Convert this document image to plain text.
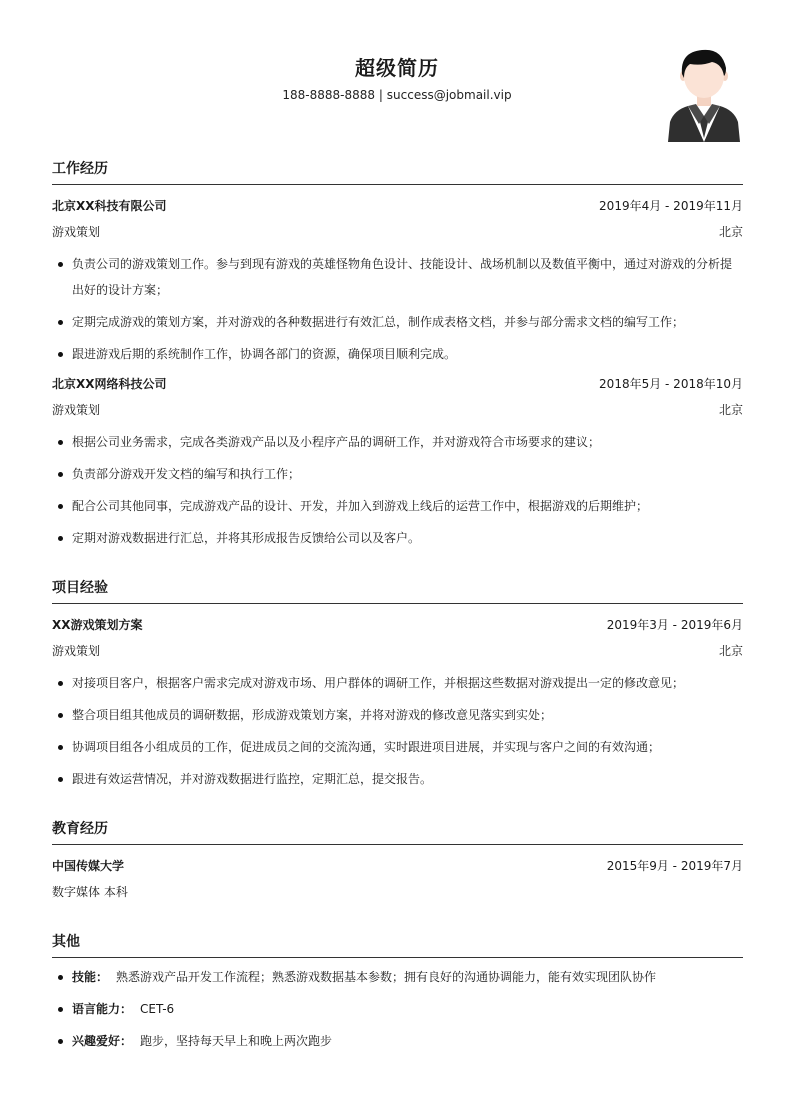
超级简历
188-8888-8888 | success@jobmail.vip
工作经历
北京XX科技有限公司	2019年4月 - 2019年11月
游戏策划	北京
负责公司的游戏策划工作。参与到现有游戏的英雄怪物角色设计、技能设计、战场机制以及数值平衡中，通过对游戏的分析提出好的设计方案；
定期完成游戏的策划方案，并对游戏的各种数据进行有效汇总，制作成表格文档，并参与部分需求文档的编写工作；
跟进游戏后期的系统制作工作，协调各部门的资源，确保项目顺利完成。
北京XX网络科技公司	2018年5月 - 2018年10月
游戏策划	北京
根据公司业务需求，完成各类游戏产品以及小程序产品的调研工作，并对游戏符合市场要求的建议；
负责部分游戏开发文档的编写和执行工作；
配合公司其他同事，完成游戏产品的设计、开发，并加入到游戏上线后的运营工作中，根据游戏的后期维护；
定期对游戏数据进行汇总，并将其形成报告反馈给公司以及客户。
项目经验
XX游戏策划方案	2019年3月 - 2019年6月
游戏策划	北京
对接项目客户，根据客户需求完成对游戏市场、用户群体的调研工作，并根据这些数据对游戏提出一定的修改意见；
整合项目组其他成员的调研数据，形成游戏策划方案，并将对游戏的修改意见落实到实处；
协调项目组各小组成员的工作，促进成员之间的交流沟通，实时跟进项目进展，并实现与客户之间的有效沟通；
跟进有效运营情况，并对游戏数据进行监控，定期汇总，提交报告。
教育经历
中国传媒大学	2015年9月 - 2019年7月
数字媒体 本科
其他
技能： 熟悉游戏产品开发工作流程；熟悉游戏数据基本参数；拥有良好的沟通协调能力，能有效实现团队协作
语言能力： CET-6
兴趣爱好： 跑步，坚持每天早上和晚上两次跑步
